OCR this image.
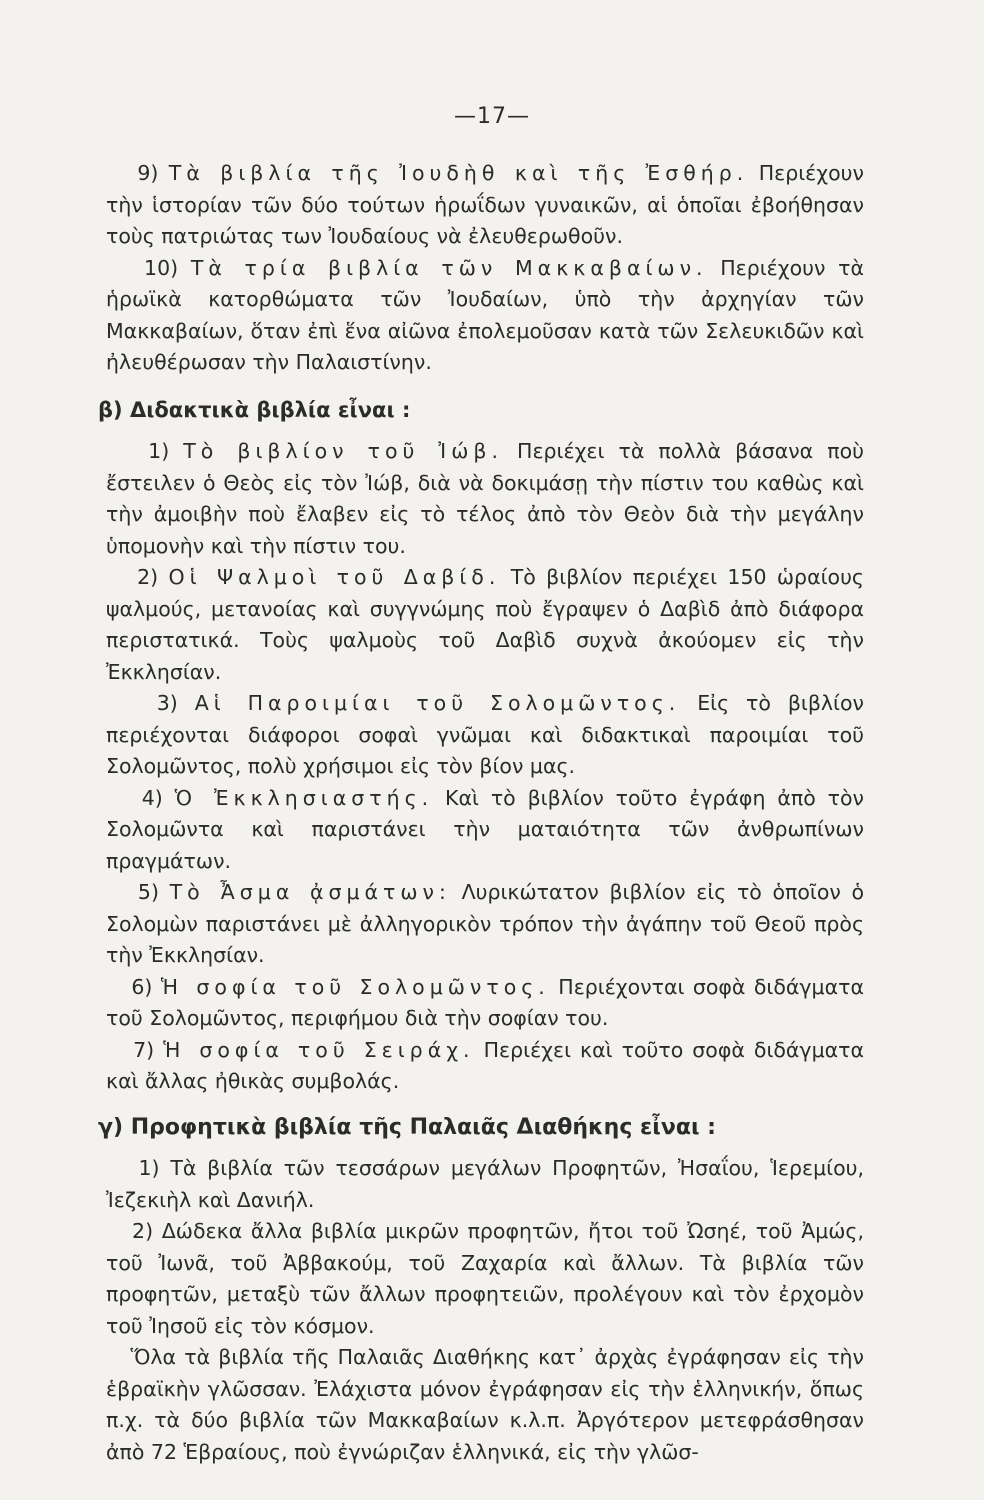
—17—

9) Τὰ βιβλία τῆς Ἰουδὴθ καὶ τῆς Ἐσθήρ. Περιέχουν τὴν ἱστορίαν τῶν δύο τούτων ἡρωΐδων γυναικῶν, αἱ ὁποῖαι ἐβοήθησαν τοὺς πατριώτας των Ἰουδαίους νὰ ἐλευθερωθοῦν.

10) Τὰ τρία βιβλία τῶν Μακκαβαίων. Περιέχουν τὰ ἡρωϊκὰ κατορθώματα τῶν Ἰουδαίων, ὑπὸ τὴν ἀρχηγίαν τῶν Μακκαβαίων, ὅταν ἐπὶ ἕνα αἰῶνα ἐπολεμοῦσαν κατὰ τῶν Σελευκιδῶν καὶ ἠλευθέρωσαν τὴν Παλαιστίνην.

β) Διδακτικὰ βιβλία εἶναι :

1) Τὸ βιβλίον τοῦ Ἰώβ. Περιέχει τὰ πολλὰ βάσανα ποὺ ἔστειλεν ὁ Θεὸς εἰς τὸν Ἰώβ, διὰ νὰ δοκιμάσῃ τὴν πίστιν του καθὼς καὶ τὴν ἀμοιβὴν ποὺ ἔλαβεν εἰς τὸ τέλος ἀπὸ τὸν Θεὸν διὰ τὴν μεγάλην ὑπομονὴν καὶ τὴν πίστιν του.

2) Οἱ Ψαλμοὶ τοῦ Δαβίδ. Τὸ βιβλίον περιέχει 150 ὡραίους ψαλμούς, μετανοίας καὶ συγγνώμης ποὺ ἔγραψεν ὁ Δαβὶδ ἀπὸ διάφορα περιστατικά. Τοὺς ψαλμοὺς τοῦ Δαβὶδ συχνὰ ἀκούομεν εἰς τὴν Ἐκκλησίαν.

3) Αἱ Παροιμίαι τοῦ Σολομῶντος. Εἰς τὸ βιβλίον περιέχονται διάφοροι σοφαὶ γνῶμαι καὶ διδακτικαὶ παροιμίαι τοῦ Σολομῶντος, πολὺ χρήσιμοι εἰς τὸν βίον μας.

4) Ὁ Ἐκκλησιαστής. Καὶ τὸ βιβλίον τοῦτο ἐγράφη ἀπὸ τὸν Σολομῶντα καὶ παριστάνει τὴν ματαιότητα τῶν ἀνθρωπίνων πραγμάτων.

5) Τὸ Ἆσμα ᾀσμάτων: Λυρικώτατον βιβλίον εἰς τὸ ὁποῖον ὁ Σολομὼν παριστάνει μὲ ἀλληγορικὸν τρόπον τὴν ἀγάπην τοῦ Θεοῦ πρὸς τὴν Ἐκκλησίαν.

6) Ἡ σοφία τοῦ Σολομῶντος. Περιέχονται σοφὰ διδάγματα τοῦ Σολομῶντος, περιφήμου διὰ τὴν σοφίαν του.

7) Ἡ σοφία τοῦ Σειράχ. Περιέχει καὶ τοῦτο σοφὰ διδάγματα καὶ ἄλλας ἠθικὰς συμβολάς.

γ) Προφητικὰ βιβλία τῆς Παλαιᾶς Διαθήκης εἶναι :

1) Τὰ βιβλία τῶν τεσσάρων μεγάλων Προφητῶν, Ἠσαΐου, Ἱερεμίου, Ἰεζεκιὴλ καὶ Δανιήλ.

2) Δώδεκα ἄλλα βιβλία μικρῶν προφητῶν, ἤτοι τοῦ Ὠσηέ, τοῦ Ἀμώς, τοῦ Ἰωνᾶ, τοῦ Ἀββακούμ, τοῦ Ζαχαρία καὶ ἄλλων. Τὰ βιβλία τῶν προφητῶν, μεταξὺ τῶν ἄλλων προφητειῶν, προλέγουν καὶ τὸν ἐρχομὸν τοῦ Ἰησοῦ εἰς τὸν κόσμον.

Ὅλα τὰ βιβλία τῆς Παλαιᾶς Διαθήκης κατ᾽ ἀρχὰς ἐγράφησαν εἰς τὴν ἑβραϊκὴν γλῶσσαν. Ἐλάχιστα μόνον ἐγράφησαν εἰς τὴν ἑλληνικήν, ὅπως π.χ. τὰ δύο βιβλία τῶν Μακκαβαίων κ.λ.π. Ἀργότερον μετεφράσθησαν ἀπὸ 72 Ἑβραίους, ποὺ ἐγνώριζαν ἑλληνικά, εἰς τὴν γλῶσ-
